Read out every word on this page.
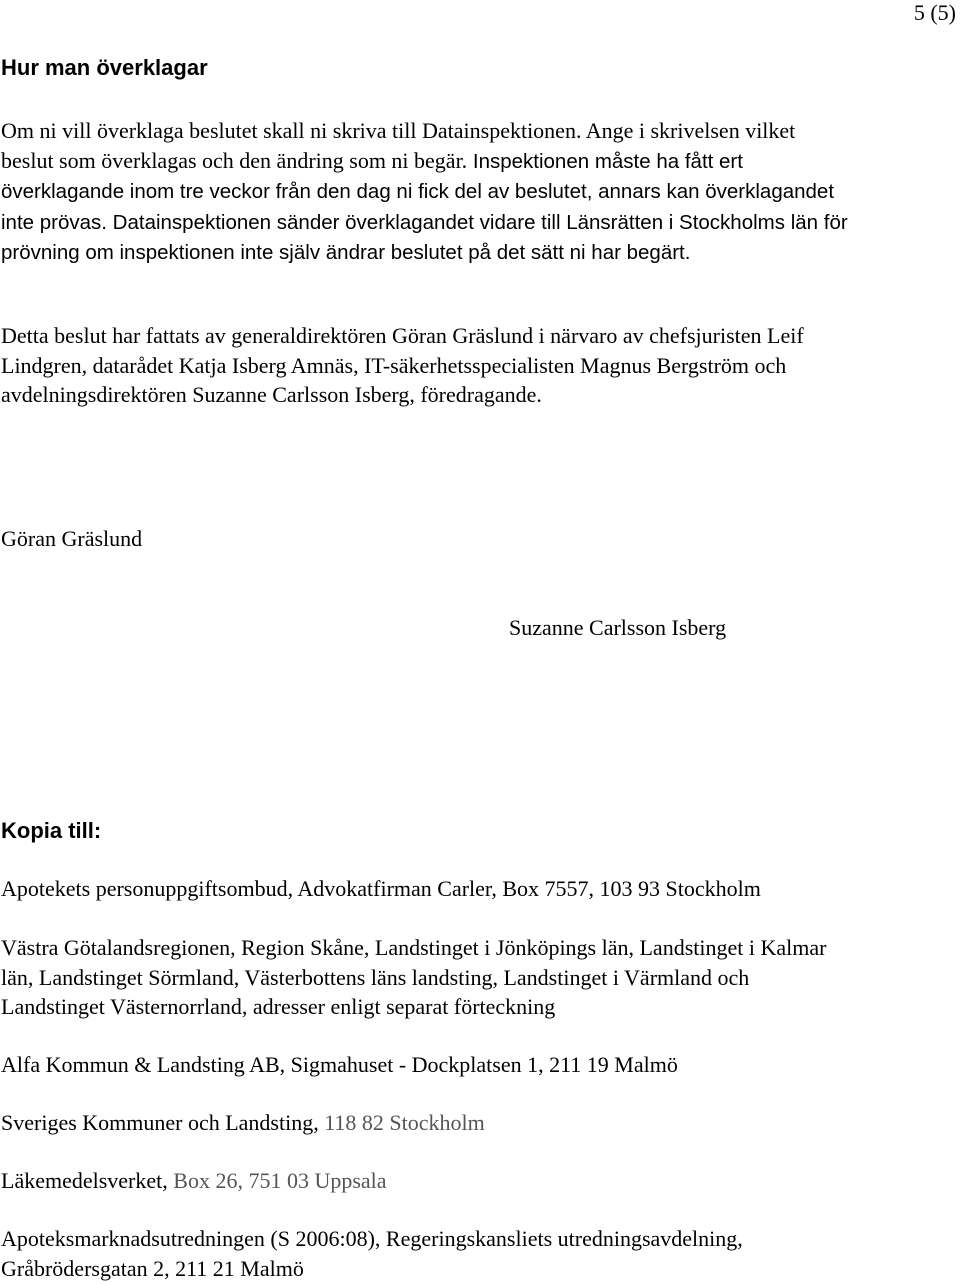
5 (5)
Hur man överklagar

Om ni vill överklaga beslutet skall ni skriva till Datainspektionen. Ange i skrivelsen vilket
beslut som överklagas och den ändring som ni begär. Inspektionen måste ha fått ert
överklagande inom tre veckor från den dag ni fick del av beslutet, annars kan överklagandet
inte prövas. Datainspektionen sänder överklagandet vidare till Länsrätten i Stockholms län för
prövning om inspektionen inte själv ändrar beslutet på det sätt ni har begärt.

Detta beslut har fattats av generaldirektören Göran Gräslund i närvaro av chefsjuristen Leif
Lindgren, datarådet Katja Isberg Amnäs, IT-säkerhetsspecialisten Magnus Bergström och
avdelningsdirektören Suzanne Carlsson Isberg, föredragande.

Göran Gräslund

Suzanne Carlsson Isberg

Kopia till:

Apotekets personuppgiftsombud, Advokatfirman Carler, Box 7557, 103 93 Stockholm

Västra Götalandsregionen, Region Skåne, Landstinget i Jönköpings län, Landstinget i Kalmar
län, Landstinget Sörmland, Västerbottens läns landsting, Landstinget i Värmland och
Landstinget Västernorrland, adresser enligt separat förteckning

Alfa Kommun & Landsting AB, Sigmahuset - Dockplatsen 1, 211 19 Malmö

Sveriges Kommuner och Landsting, 118 82 Stockholm

Läkemedelsverket, Box 26, 751 03 Uppsala

Apoteksmarknadsutredningen (S 2006:08), Regeringskansliets utredningsavdelning,
Gråbrödersgatan 2, 211 21 Malmö
